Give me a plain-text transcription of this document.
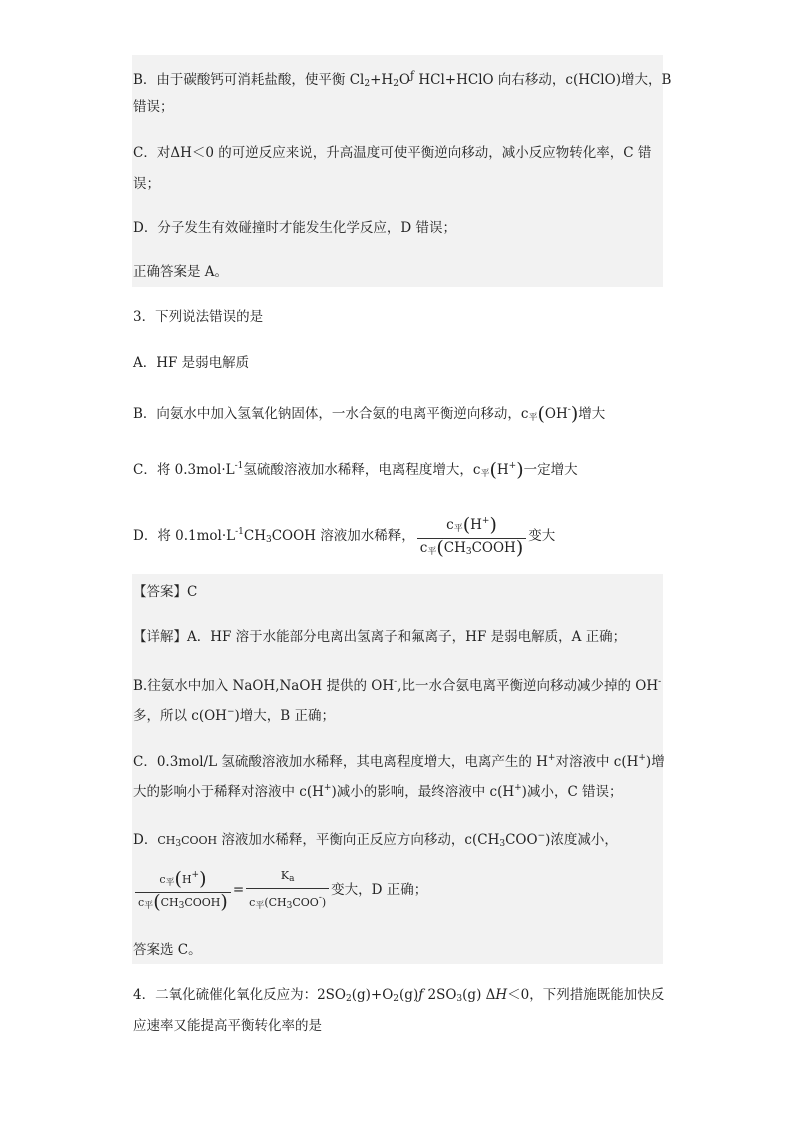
B．由于碳酸钙可消耗盐酸，使平衡 $Cl_2+H_2O^ƒ$ HCl+HClO 向右移动，c(HClO)增大，B
错误；
C．对ΔH＜0 的可逆反应来说，升高温度可使平衡逆向移动，减小反应物转化率，C 错
误；
D．分子发生有效碰撞时才能发生化学反应，D 错误；
正确答案是 A。
3．下列说法错误的是
A．HF 是弱电解质
B．向氨水中加入氢氧化钠固体，一水合氨的电离平衡逆向移动，$c_平(OH^-)$增大
C．将 $0.3mol\cdot L^{-1}$氢硫酸溶液加水稀释，电离程度增大，$c_平(H^+)$一定增大
D．将 $0.1mol\cdot L^{-1}CH_3COOH$ 溶液加水稀释， $\frac{c_平(H^+)}{c_平(CH_3COOH)}$ 变大
【答案】C
【详解】A．HF 溶于水能部分电离出氢离子和氟离子，HF 是弱电解质，A 正确；
B.往氨水中加入 NaOH,NaOH 提供的 OH-,比一水合氨电离平衡逆向移动减少掉的 OH-
多，所以 c(OH−)增大，B 正确；
C．0.3mol/L 氢硫酸溶液加水稀释，其电离程度增大，电离产生的 H+对溶液中 c(H+)增
大的影响小于稀释对溶液中 c(H+)减小的影响，最终溶液中 c(H+)减小，C 错误；
D．$CH_3COOH$ 溶液加水稀释，平衡向正反应方向移动，$c(CH_3COO^-)$浓度减小，
$\frac{c_平(H^+)}{c_平(CH_3COOH)} = \frac{K_a}{c_平(CH_3COO^-)}$ 变大，D 正确；
答案选 C。
4．二氧化硫催化氧化反应为：$2SO_2(g)+O_2(g)ƒ$ $2SO_3(g)$ ΔH＜0，下列措施既能加快反
应速率又能提高平衡转化率的是
